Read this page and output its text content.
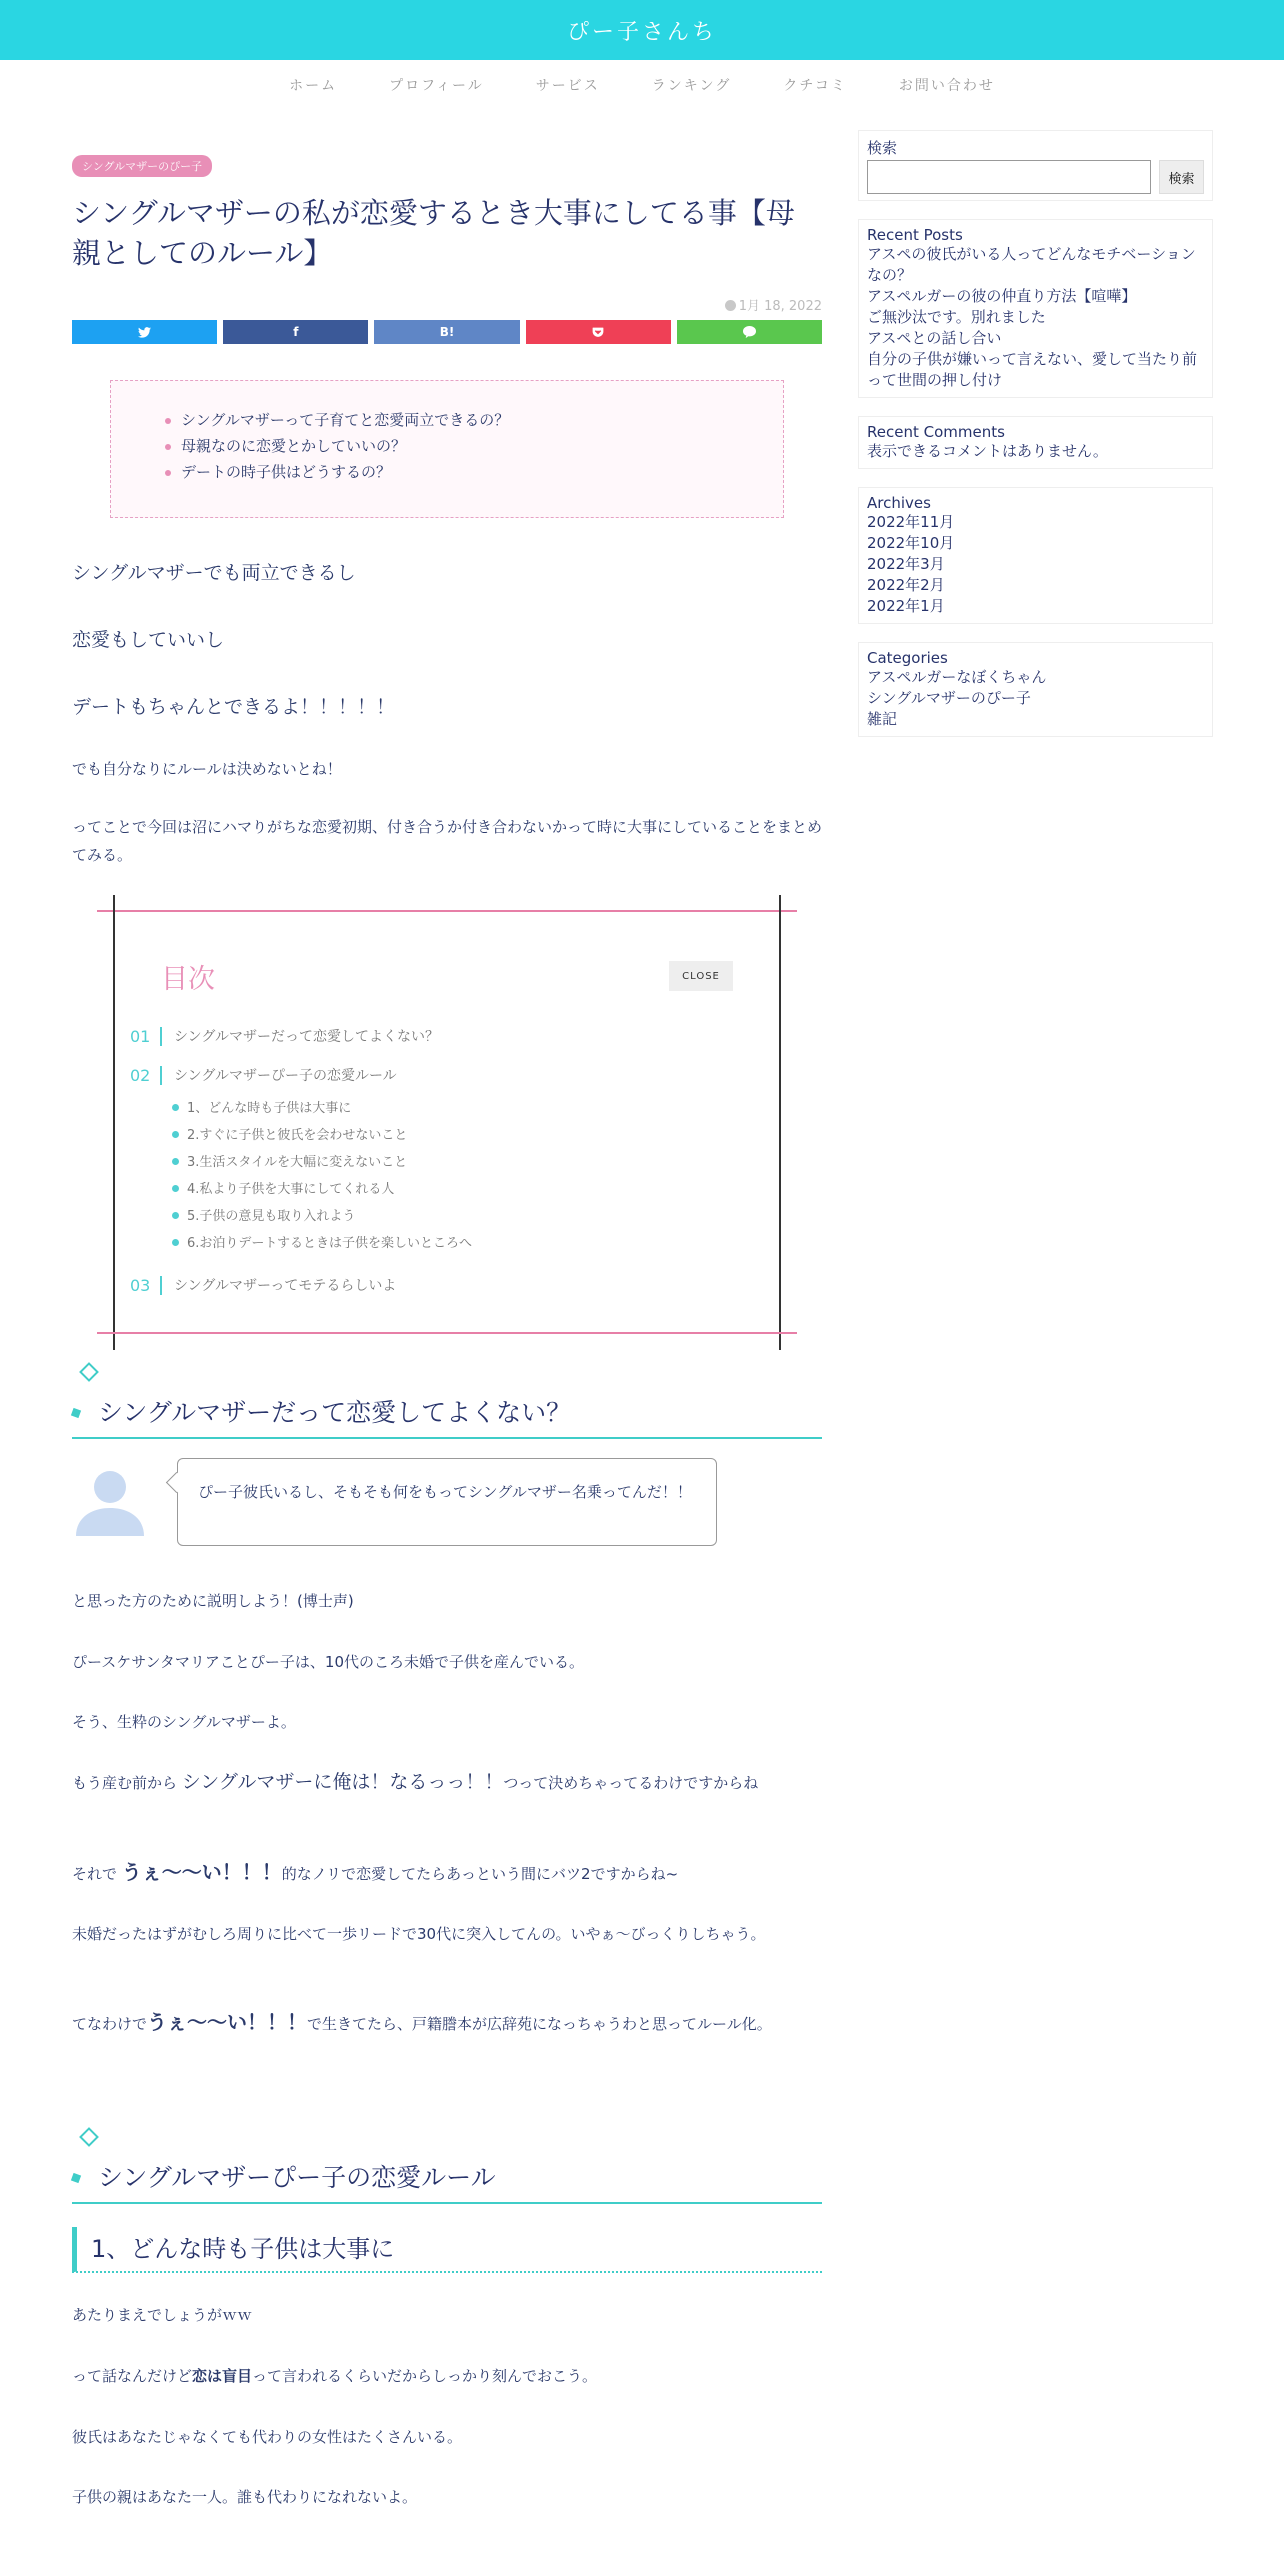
ぴー子さんち
ホーム	プロフィール	サービス	ランキング	クチコミ	お問い合わせ
シングルマザーのぴー子
シングルマザーの私が恋愛するとき大事にしてる事【母親としてのルール】
1月 18, 2022
f	B!
シングルマザーって子育てと恋愛両立できるの？
母親なのに恋愛とかしていいの？
デートの時子供はどうするの？

シングルマザーでも両立できるし

恋愛もしていいし

デートもちゃんとできるよ！！！！！

でも自分なりにルールは決めないとね！

ってことで今回は沼にハマりがちな恋愛初期、付き合うか付き合わないかって時に大事にしていることをまとめてみる。

目次	CLOSE
01	シングルマザーだって恋愛してよくない？
02	シングルマザーぴー子の恋愛ルール
1、どんな時も子供は大事に
2.すぐに子供と彼氏を会わせないこと
3.生活スタイルを大幅に変えないこと
4.私より子供を大事にしてくれる人
5.子供の意見も取り入れよう
6.お泊りデートするときは子供を楽しいところへ
03	シングルマザーってモテるらしいよ
シングルマザーだって恋愛してよくない？
ぴー子彼氏いるし、そもそも何をもってシングルマザー名乗ってんだ！！

と思った方のために説明しよう！(博士声)

ぴースケサンタマリアことぴー子は、10代のころ未婚で子供を産んでいる。

そう、生粋のシングルマザーよ。

もう産む前から シングルマザーに俺は！なるっっ！！つって決めちゃってるわけですからね

それで うぇ～～い！！！的なノリで恋愛してたらあっという間にバツ2ですからね~

未婚だったはずがむしろ周りに比べて一歩リードで30代に突入してんの。いやぁ～びっくりしちゃう。

てなわけでうぇ～～い！！！で生きてたら、戸籍謄本が広辞苑になっちゃうわと思ってルール化。

シングルマザーぴー子の恋愛ルール
1、どんな時も子供は大事に

あたりまえでしょうがｗｗ

って話なんだけど恋は盲目って言われるくらいだからしっかり刻んでおこう。

彼氏はあなたじゃなくても代わりの女性はたくさんいる。

子供の親はあなた一人。誰も代わりになれないよ。

検索
検索
Recent Posts
アスペの彼氏がいる人ってどんなモチベーションなの？
アスペルガーの彼の仲直り方法【喧嘩】
ご無沙汰です。別れました
アスペとの話し合い
自分の子供が嫌いって言えない、愛して当たり前って世間の押し付け
Recent Comments
表示できるコメントはありません。
Archives
2022年11月
2022年10月
2022年3月
2022年2月
2022年1月
Categories
アスペルガーなぼくちゃん
シングルマザーのぴー子
雑記
